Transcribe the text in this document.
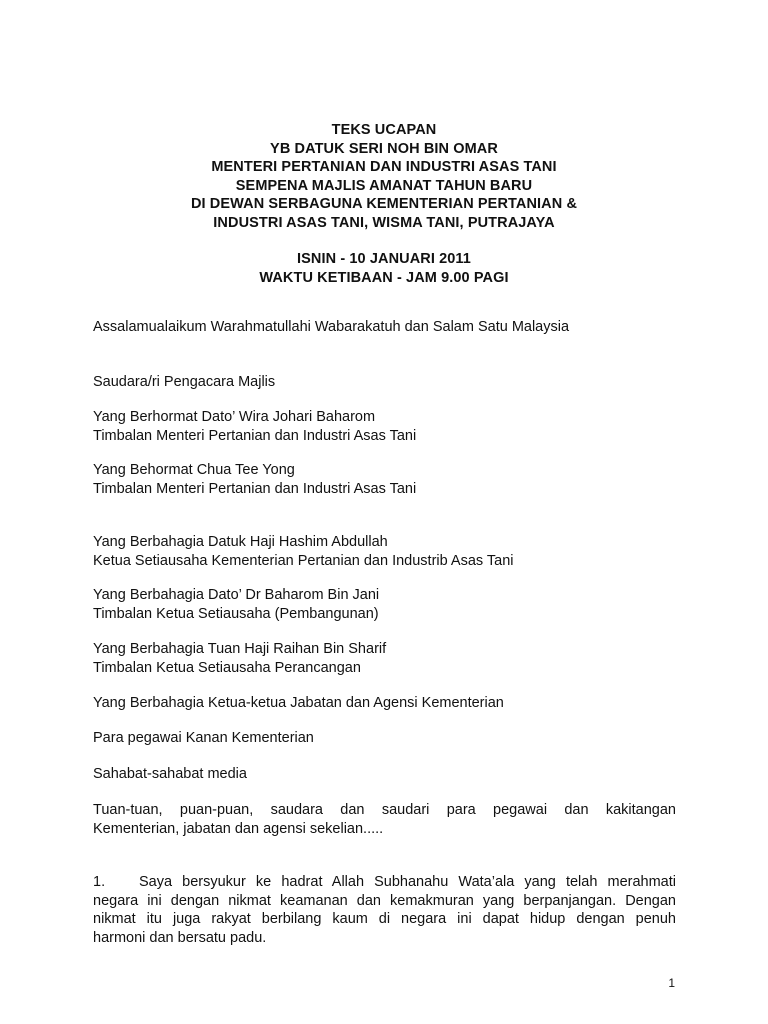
TEKS UCAPAN
YB DATUK SERI NOH BIN OMAR
MENTERI PERTANIAN DAN INDUSTRI ASAS TANI
SEMPENA MAJLIS AMANAT TAHUN BARU
DI DEWAN SERBAGUNA KEMENTERIAN PERTANIAN &
INDUSTRI ASAS TANI, WISMA TANI, PUTRAJAYA
ISNIN - 10 JANUARI 2011
WAKTU KETIBAAN - JAM 9.00 PAGI

Assalamualaikum Warahmatullahi Wabarakatuh dan Salam Satu Malaysia

Saudara/ri Pengacara Majlis

Yang Berhormat Dato’ Wira Johari Baharom
Timbalan Menteri Pertanian dan Industri Asas Tani

Yang Behormat Chua Tee Yong
Timbalan Menteri Pertanian dan Industri Asas Tani

Yang Berbahagia Datuk Haji Hashim Abdullah
Ketua Setiausaha Kementerian Pertanian dan Industrib Asas Tani

Yang Berbahagia Dato’ Dr Baharom Bin Jani
Timbalan Ketua Setiausaha (Pembangunan)

Yang Berbahagia Tuan Haji Raihan Bin Sharif
Timbalan Ketua Setiausaha Perancangan

Yang Berbahagia Ketua-ketua Jabatan dan Agensi Kementerian

Para pegawai Kanan Kementerian

Sahabat-sahabat media

Tuan-tuan, puan-puan, saudara dan saudari para pegawai dan kakitangan
Kementerian, jabatan dan agensi sekelian.....

1. Saya bersyukur ke hadrat Allah Subhanahu Wata’ala yang telah merahmati
negara ini dengan nikmat keamanan dan kemakmuran yang berpanjangan. Dengan
nikmat itu juga rakyat berbilang kaum di negara ini dapat hidup dengan penuh
harmoni dan bersatu padu.
1
